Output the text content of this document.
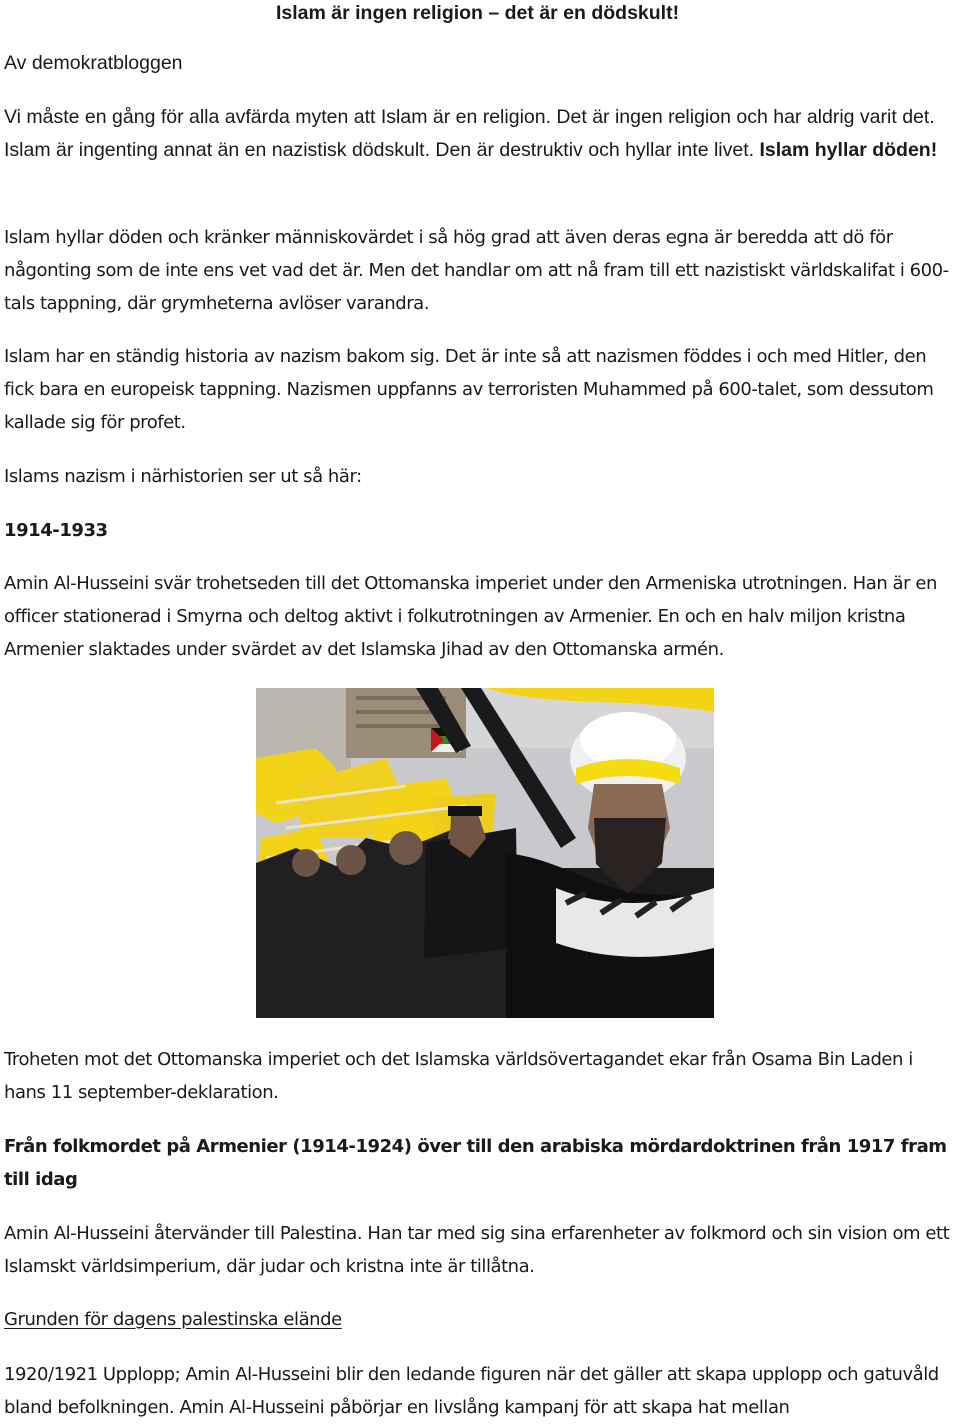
Islam är ingen religion – det är en dödskult!

Av demokratbloggen

Vi måste en gång för alla avfärda myten att Islam är en religion. Det är ingen religion och har aldrig varit det. Islam är ingenting annat än en nazistisk dödskult. Den är destruktiv och hyllar inte livet. Islam hyllar döden!

Islam hyllar döden och kränker människovärdet i så hög grad att även deras egna är beredda att dö för någonting som de inte ens vet vad det är. Men det handlar om att nå fram till ett nazistiskt världskalifat i 600-tals tappning, där grymheterna avlöser varandra.

Islam har en ständig historia av nazism bakom sig. Det är inte så att nazismen föddes i och med Hitler, den fick bara en europeisk tappning. Nazismen uppfanns av terroristen Muhammed på 600-talet, som dessutom kallade sig för profet.

Islams nazism i närhistorien ser ut så här:

1914-1933

Amin Al-Husseini svär trohetseden till det Ottomanska imperiet under den Armeniska utrotningen. Han är en officer stationerad i Smyrna och deltog aktivt i folkutrotningen av Armenier. En och en halv miljon kristna Armenier slaktades under svärdet av det Islamska Jihad av den Ottomanska armén.

Troheten mot det Ottomanska imperiet och det Islamska världsövertagandet ekar från Osama Bin Laden i hans 11 september-deklaration.

Från folkmordet på Armenier (1914-1924) över till den arabiska mördardoktrinen från 1917 fram till idag

Amin Al-Husseini återvänder till Palestina. Han tar med sig sina erfarenheter av folkmord och sin vision om ett Islamskt världsimperium, där judar och kristna inte är tillåtna.

Grunden för dagens palestinska elände

1920/1921 Upplopp; Amin Al-Husseini blir den ledande figuren när det gäller att skapa upplopp och gatuvåld bland befolkningen. Amin Al-Husseini påbörjar en livslång kampanj för att skapa hat mellan
